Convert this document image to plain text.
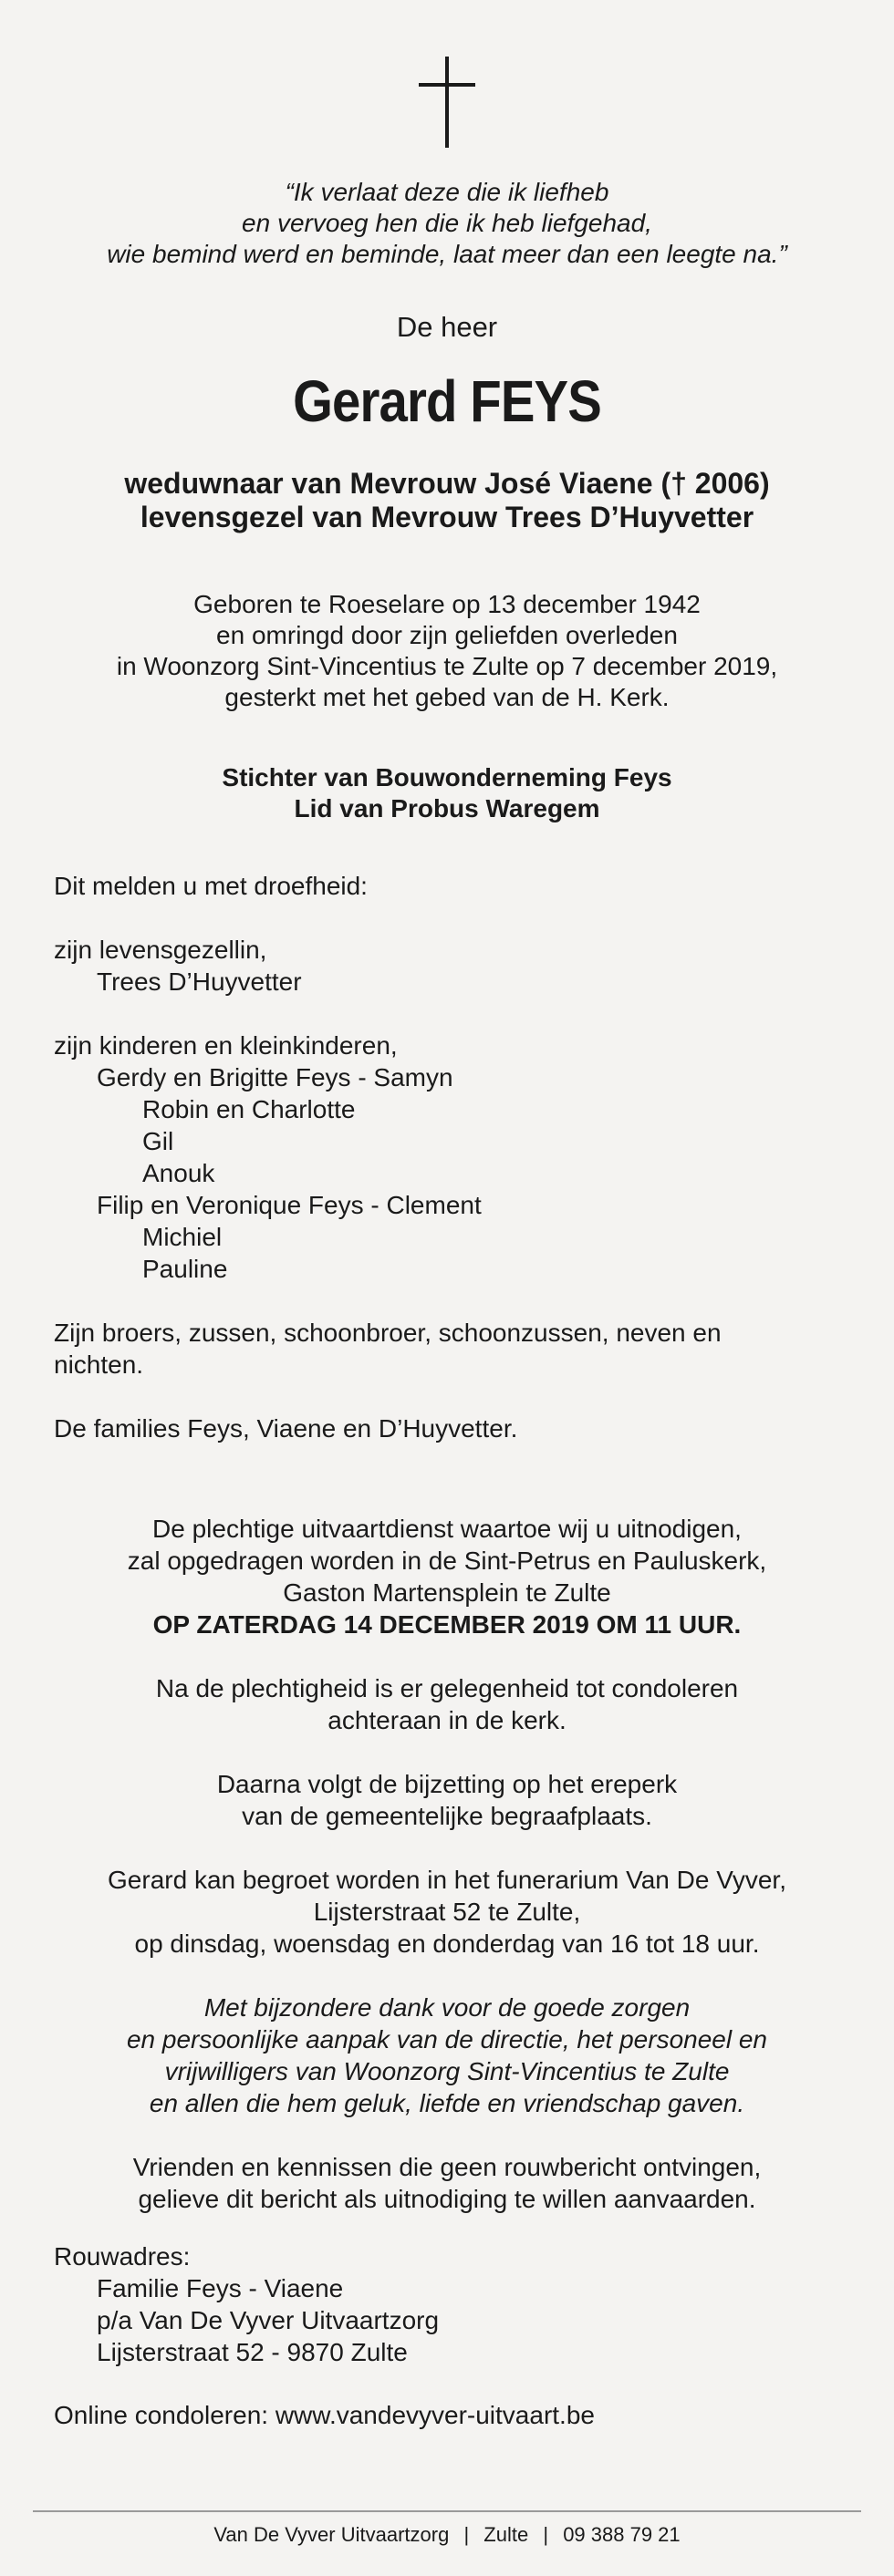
“Ik verlaat deze die ik liefheb
en vervoeg hen die ik heb liefgehad,
wie bemind werd en beminde, laat meer dan een leegte na.”
De heer
Gerard FEYS
weduwnaar van Mevrouw José Viaene († 2006)
levensgezel van Mevrouw Trees D’Huyvetter
Geboren te Roeselare op 13 december 1942
en omringd door zijn geliefden overleden
in Woonzorg Sint-Vincentius te Zulte op 7 december 2019,
gesterkt met het gebed van de H. Kerk.
Stichter van Bouwonderneming Feys
Lid van Probus Waregem
Dit melden u met droefheid:
zijn levensgezellin,
Trees D’Huyvetter
zijn kinderen en kleinkinderen,
Gerdy en Brigitte Feys - Samyn
Robin en Charlotte
Gil
Anouk
Filip en Veronique Feys - Clement
Michiel
Pauline
Zijn broers, zussen, schoonbroer, schoonzussen, neven en
nichten.
De families Feys, Viaene en D’Huyvetter.
De plechtige uitvaartdienst waartoe wij u uitnodigen,
zal opgedragen worden in de Sint-Petrus en Pauluskerk,
Gaston Martensplein te Zulte
OP ZATERDAG 14 DECEMBER 2019 OM 11 UUR.
Na de plechtigheid is er gelegenheid tot condoleren
achteraan in de kerk.
Daarna volgt de bijzetting op het ereperk
van de gemeentelijke begraafplaats.
Gerard kan begroet worden in het funerarium Van De Vyver,
Lijsterstraat 52 te Zulte,
op dinsdag, woensdag en donderdag van 16 tot 18 uur.
Met bijzondere dank voor de goede zorgen
en persoonlijke aanpak van de directie, het personeel en
vrijwilligers van Woonzorg Sint-Vincentius te Zulte
en allen die hem geluk, liefde en vriendschap gaven.
Vrienden en kennissen die geen rouwbericht ontvingen,
gelieve dit bericht als uitnodiging te willen aanvaarden.
Rouwadres:
Familie Feys - Viaene
p/a Van De Vyver Uitvaartzorg
Lijsterstraat 52 - 9870 Zulte
Online condoleren: www.vandevyver-uitvaart.be
Van De Vyver Uitvaartzorg | Zulte | 09 388 79 21
